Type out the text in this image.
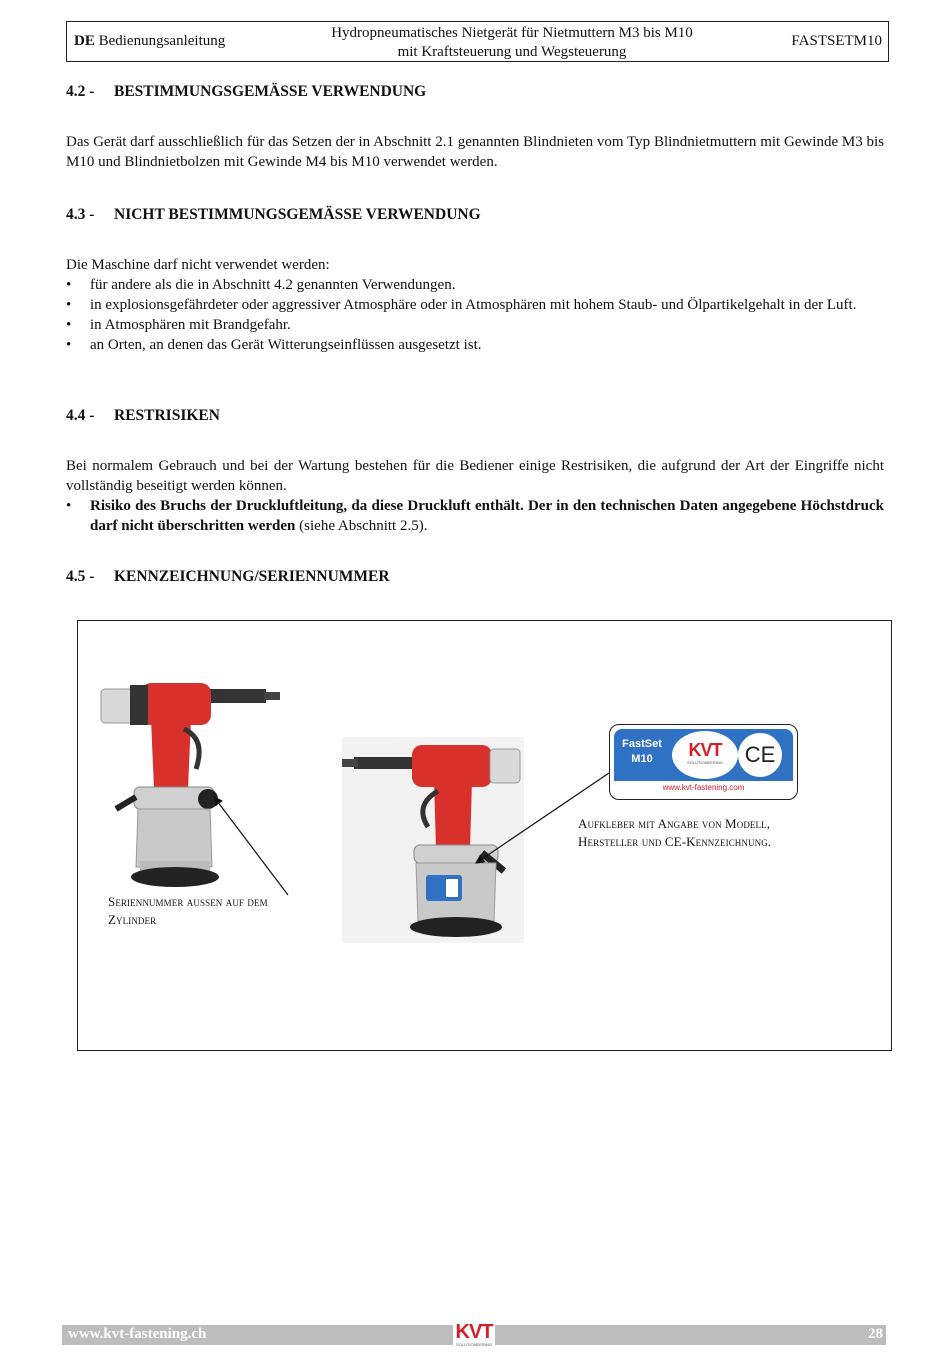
DE Bedienungsanleitung	Hydropneumatisches Nietgerät für Nietmuttern M3 bis M10
mit Kraftsteuerung und Wegsteuerung
FASTSETM10
4.2 - BESTIMMUNGSGEMÄSSE VERWENDUNG
Das Gerät darf ausschließlich für das Setzen der in Abschnitt 2.1 genannten Blindnieten vom Typ Blindnietmuttern mit Gewinde M3 bis M10 und Blindnietbolzen mit Gewinde M4 bis M10 verwendet werden.
4.3 - NICHT BESTIMMUNGSGEMÄSSE VERWENDUNG
Die Maschine darf nicht verwendet werden:
• für andere als die in Abschnitt 4.2 genannten Verwendungen.
• in explosionsgefährdeter oder aggressiver Atmosphäre oder in Atmosphären mit hohem Staub- und Ölpartikelgehalt in der Luft.
• in Atmosphären mit Brandgefahr.
• an Orten, an denen das Gerät Witterungseinflüssen ausgesetzt ist.
4.4 - RESTRISIKEN
Bei normalem Gebrauch und bei der Wartung bestehen für die Bediener einige Restrisiken, die aufgrund der Art der Eingriffe nicht vollständig beseitigt werden können.
• Risiko des Bruchs der Druckluftleitung, da diese Druckluft enthält. Der in den technischen Daten angegebene Höchstdruck darf nicht überschritten werden (siehe Abschnitt 2.5).
4.5 - KENNZEICHNUNG/SERIENNUMMER
FastSet
M10	KVT
SOLUTIONEERING CE
www.kvt-fastening.com
Seriennummer aussen auf dem
Zylinder
Aufkleber mit Angabe von Modell,
Hersteller und CE-Kennzeichnung.
www.kvt-fastening.ch	KVT
SOLUTIONEERING
28
